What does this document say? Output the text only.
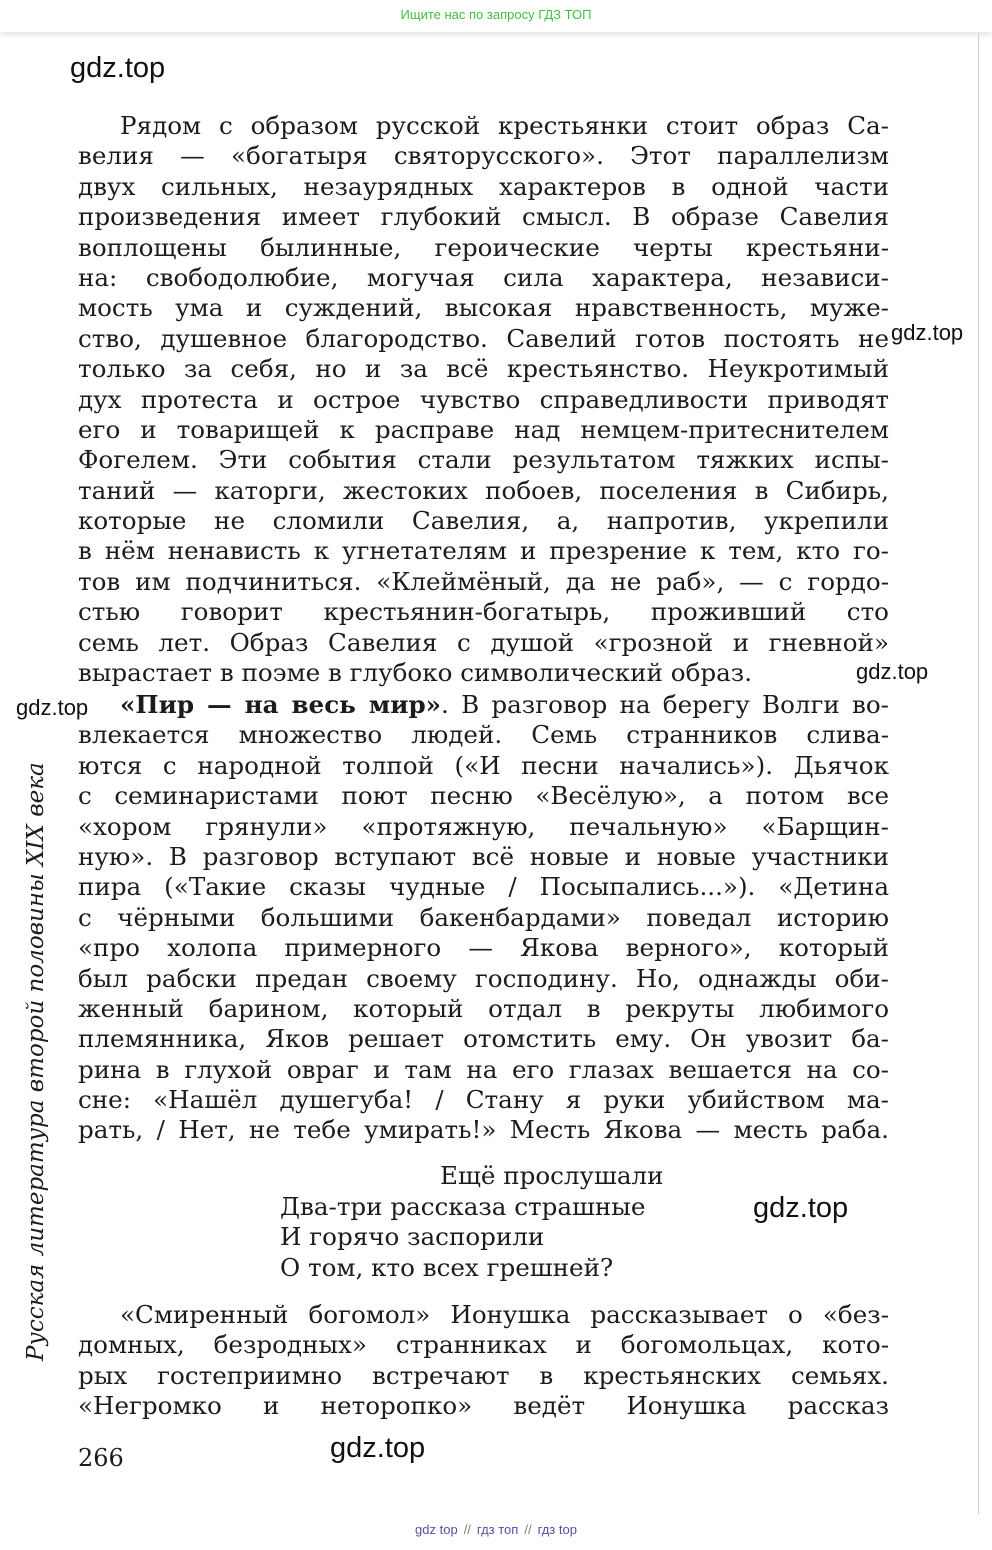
Ищите нас по запросу ГДЗ ТОП
gdz.top
gdz.top
gdz.top
gdz.top
gdz.top
gdz.top
Рядом с образом русской крестьянки стоит образ Са-
велия — «богатыря святорусского». Этот параллелизм
двух сильных, незаурядных характеров в одной части
произведения имеет глубокий смысл. В образе Савелия
воплощены былинные, героические черты крестьяни-
на: свободолюбие, могучая сила характера, независи-
мость ума и суждений, высокая нравственность, муже-
ство, душевное благородство. Савелий готов постоять не
только за себя, но и за всё крестьянство. Неукротимый
дух протеста и острое чувство справедливости приводят
его и товарищей к расправе над немцем-притеснителем
Фогелем. Эти события стали результатом тяжких испы-
таний — каторги, жестоких побоев, поселения в Сибирь,
которые не сломили Савелия, а, напротив, укрепили
в нём ненависть к угнетателям и презрение к тем, кто го-
тов им подчиниться. «Клеймёный, да не раб», — с гордо-
стью говорит крестьянин-богатырь, проживший сто
семь лет. Образ Савелия с душой «грозной и гневной»
вырастает в поэме в глубоко символический образ.
«Пир — на весь мир». В разговор на берегу Волги во-
влекается множество людей. Семь странников слива-
ются с народной толпой («И песни начались»). Дьячок
с семинаристами поют песню «Весёлую», а потом все
«хором грянули» «протяжную, печальную» «Барщин-
ную». В разговор вступают всё новые и новые участники
пира («Такие сказы чудные / Посыпались...»). «Детина
с чёрными большими бакенбардами» поведал историю
«про холопа примерного — Якова верного», который
был рабски предан своему господину. Но, однажды оби-
женный барином, который отдал в рекруты любимого
племянника, Яков решает отомстить ему. Он увозит ба-
рина в глухой овраг и там на его глазах вешается на со-
сне: «Нашёл душегуба! / Стану я руки убийством ма-
рать, / Нет, не тебе умирать!» Месть Якова — месть раба.
Ещё прослушали
Два-три рассказа страшные
И горячо заспорили
О том, кто всех грешней?
«Смиренный богомол» Ионушка рассказывает о «без-
домных, безродных» странниках и богомольцах, кото-
рых гостеприимно встречают в крестьянских семьях.
«Негромко и неторопко» ведёт Ионушка рассказ
Русская литература второй половины XIX века
266
gdz top // гдз топ // гдз top
